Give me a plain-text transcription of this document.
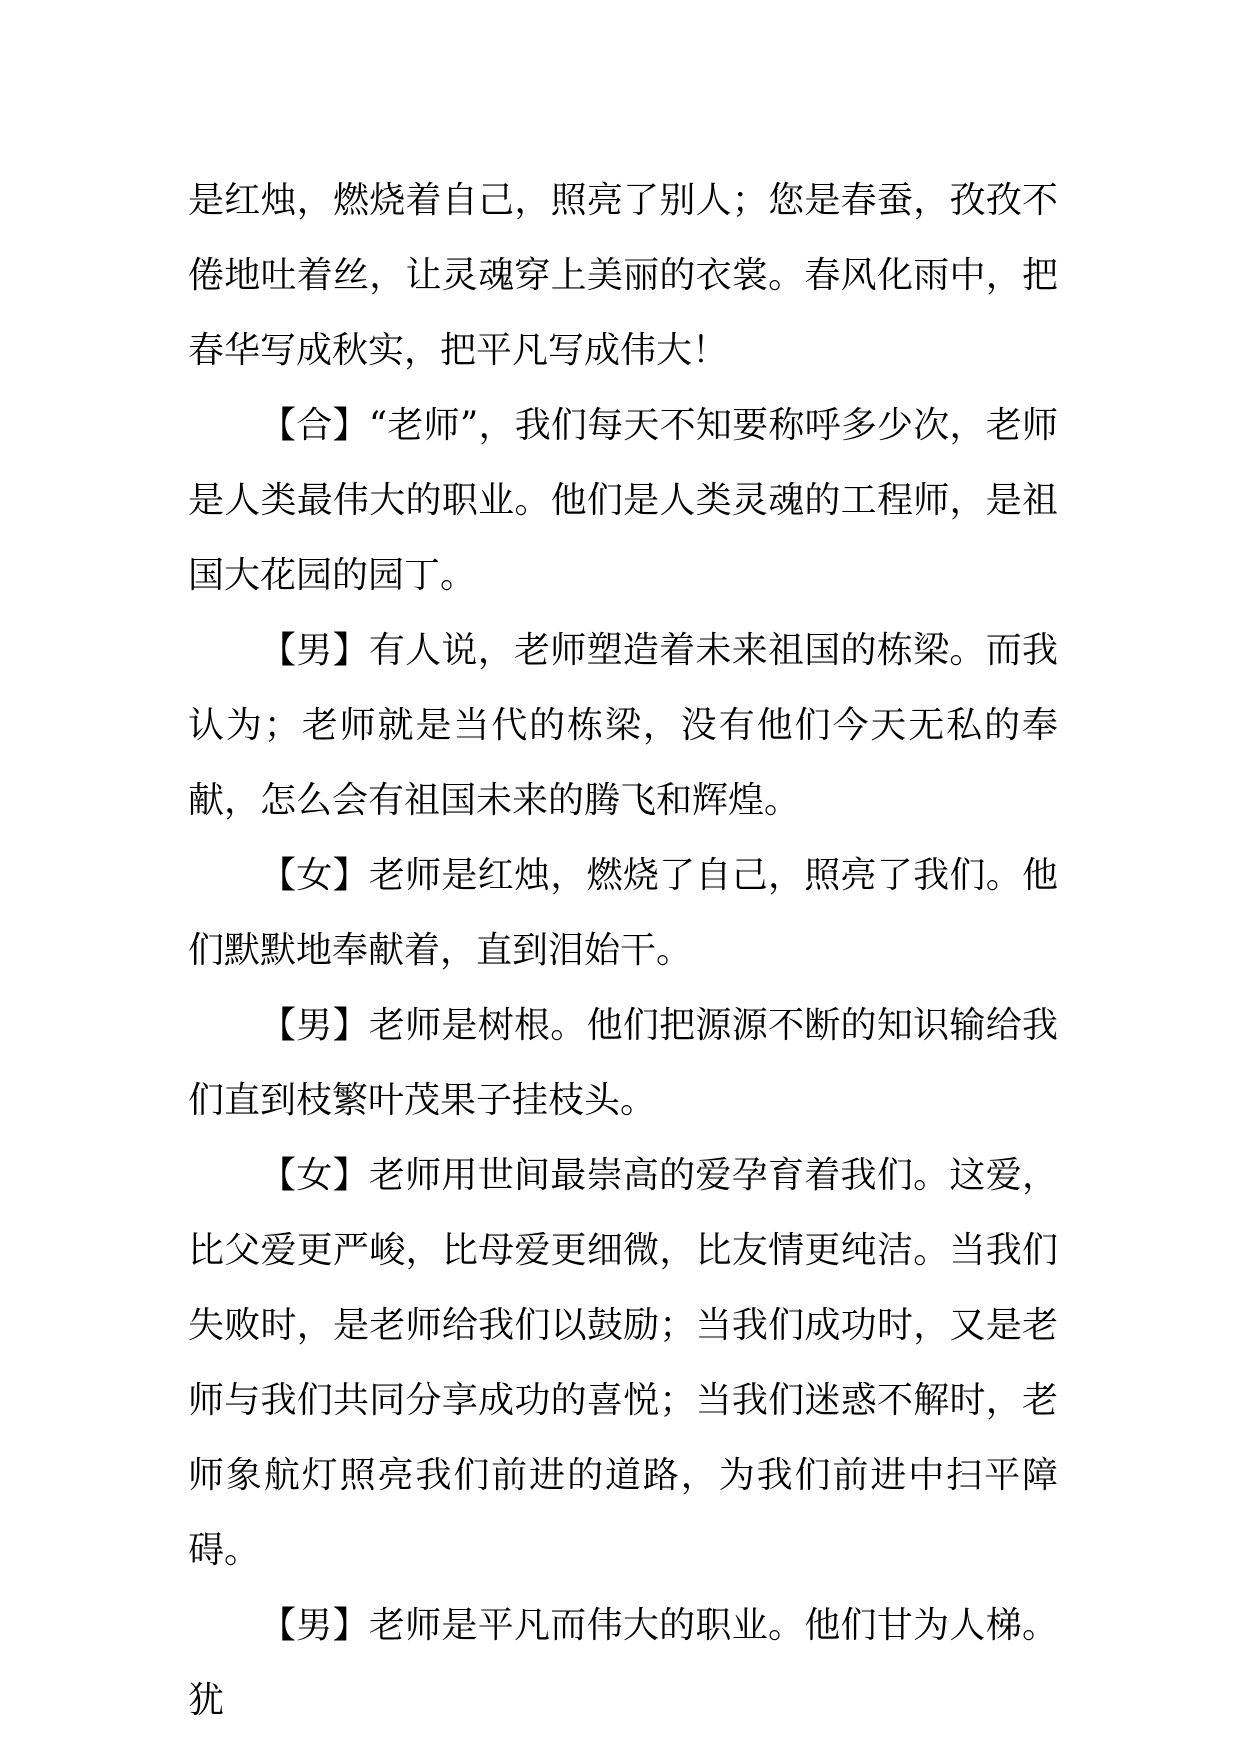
是红烛，燃烧着自己，照亮了别人；您是春蚕，孜孜不倦地吐着丝，让灵魂穿上美丽的衣裳。春风化雨中，把春华写成秋实，把平凡写成伟大！

【合】“老师”，我们每天不知要称呼多少次，老师是人类最伟大的职业。他们是人类灵魂的工程师，是祖国大花园的园丁。

【男】有人说，老师塑造着未来祖国的栋梁。而我认为；老师就是当代的栋梁，没有他们今天无私的奉献，怎么会有祖国未来的腾飞和辉煌。

【女】老师是红烛，燃烧了自己，照亮了我们。他们默默地奉献着，直到泪始干。

【男】老师是树根。他们把源源不断的知识输给我们直到枝繁叶茂果子挂枝头。

【女】老师用世间最崇高的爱孕育着我们。这爱，比父爱更严峻，比母爱更细微，比友情更纯洁。当我们失败时，是老师给我们以鼓励；当我们成功时，又是老师与我们共同分享成功的喜悦；当我们迷惑不解时，老师象航灯照亮我们前进的道路，为我们前进中扫平障碍。

【男】老师是平凡而伟大的职业。他们甘为人梯。犹
